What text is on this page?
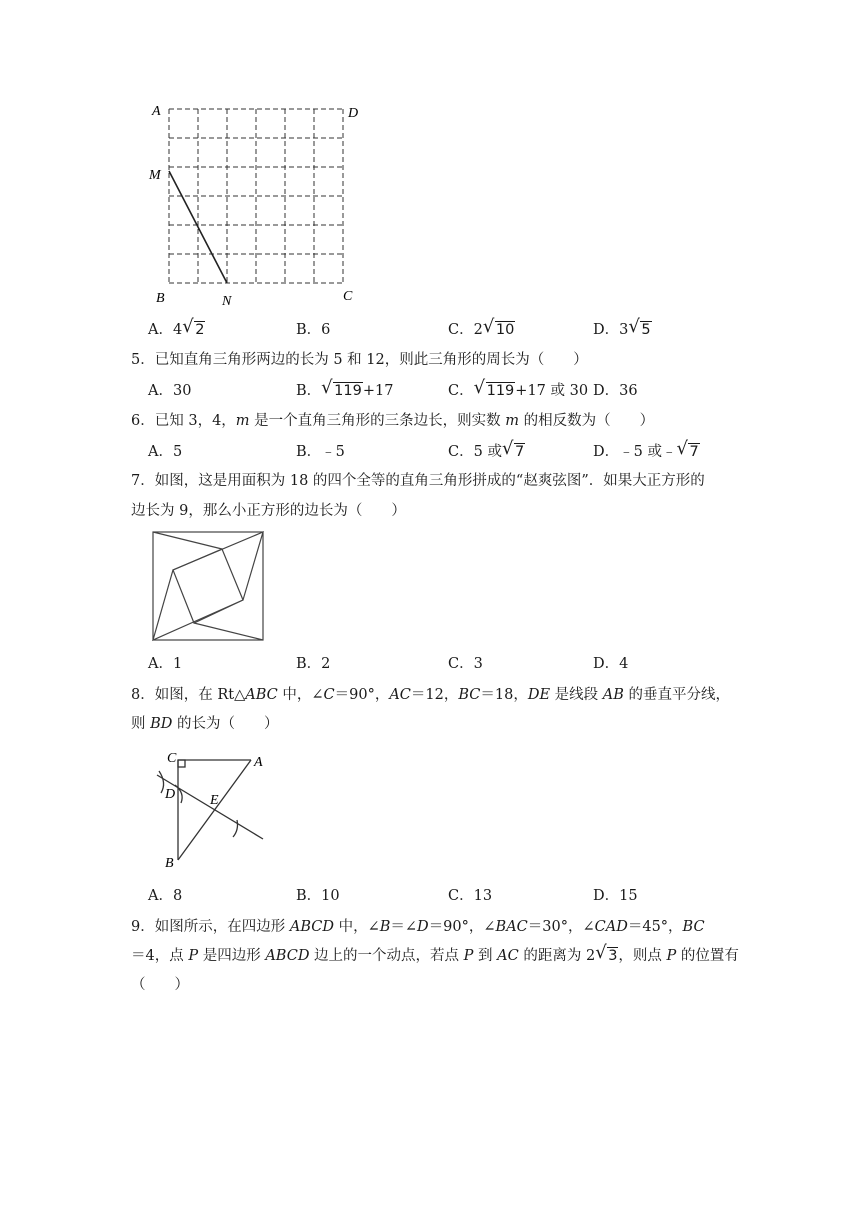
A	D
M
B	N	C
A．4 √ 2	B．6	C．2 √ 10	D．3 √ 5
5．已知直角三角形两边的长为 5 和 12，则此三角形的周长为（　　）
A．30	B． √ 119+17	C． √ 119+17 或 30 D．36
6．已知 3，4，m 是一个直角三角形的三条边长，则实数 m 的相反数为（　　）
A．5	B．﹣5	C．5 或 √ 7	D．﹣5 或﹣ √ 7
7．如图，这是用面积为 18 的四个全等的直角三角形拼成的“赵爽弦图”．如果大正方形的
边长为 9，那么小正方形的边长为（　　）
A．1	B．2	C．3	D．4
8．如图，在 Rt△ABC 中，∠C＝90°，AC＝12，BC＝18，DE 是线段 AB 的垂直平分线，
则 BD 的长为（　　）
C	A
D E
B
A．8	B．10	C．13	D．15
9．如图所示，在四边形 ABCD 中，∠B＝∠D＝90°，∠BAC＝30°，∠CAD＝45°，BC
＝4，点 P 是四边形 ABCD 边上的一个动点，若点 P 到 AC 的距离为 2 √ 3，则点 P 的位置有
（　　）
